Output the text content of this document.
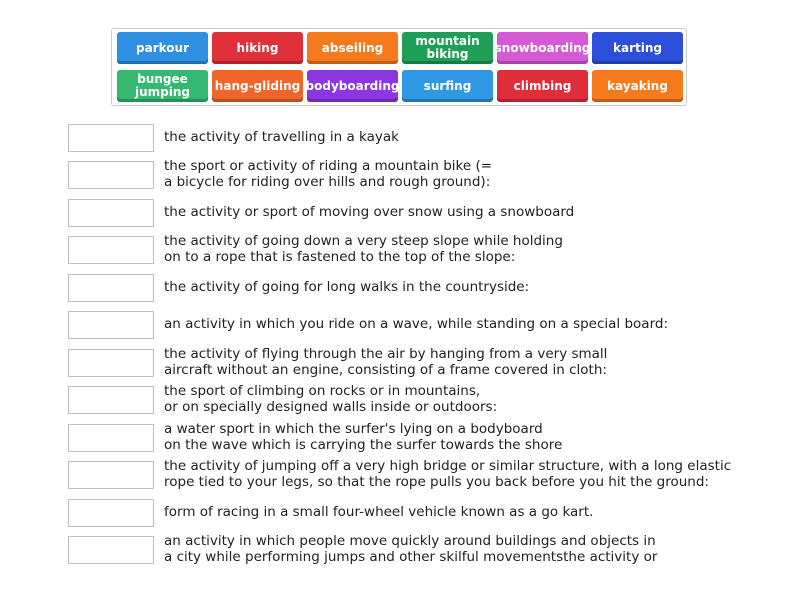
parkour	hiking	abseiling	mountain
biking	snowboarding	karting
bungee
jumping	hang-gliding bodyboarding	surfing	climbing	kayaking
the activity of travelling in a kayak
the sport or activity of riding a mountain bike (=
a bicycle for riding over hills and rough ground):
the activity or sport of moving over snow using a snowboard
the activity of going down a very steep slope while holding
on to a rope that is fastened to the top of the slope:
the activity of going for long walks in the countryside:
an activity in which you ride on a wave, while standing on a special board:
the activity of flying through the air by hanging from a very small
aircraft without an engine, consisting of a frame covered in cloth:
the sport of climbing on rocks or in mountains,
or on specially designed walls inside or outdoors:
a water sport in which the surfer's lying on a bodyboard
on the wave which is carrying the surfer towards the shore
the activity of jumping off a very high bridge or similar structure, with a long elastic
rope tied to your legs, so that the rope pulls you back before you hit the ground:
form of racing in a small four-wheel vehicle known as a go kart.
an activity in which people move quickly around buildings and objects in
a city while performing jumps and other skilful movementsthe activity or
